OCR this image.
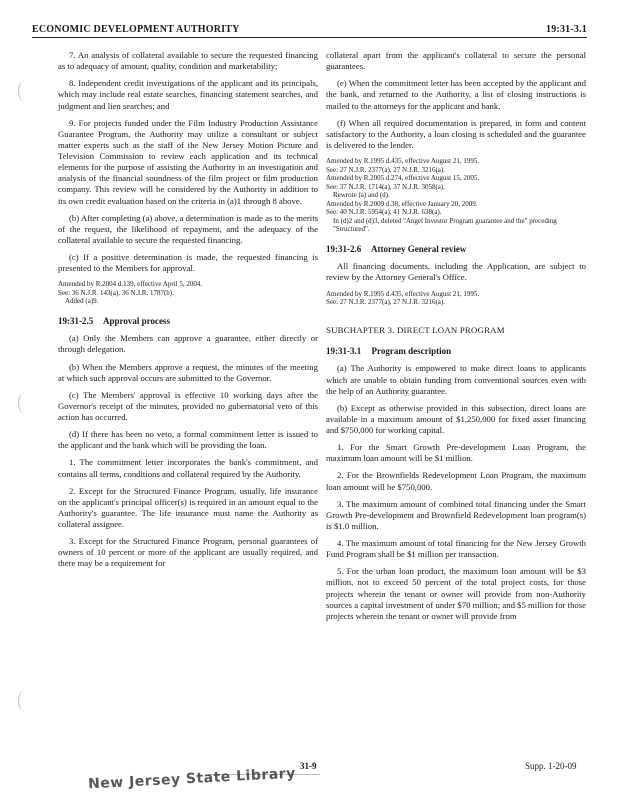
ECONOMIC DEVELOPMENT AUTHORITY	19:31-3.1

7. An analysis of collateral available to secure the requested financing as to adequacy of amount, quality, condition and marketability;

8. Independent credit investigations of the applicant and its principals, which may include real estate searches, financing statement searches, and judgment and lien searches; and

9. For projects funded under the Film Industry Production Assistance Guarantee Program, the Authority may utilize a consultant or subject matter experts such as the staff of the New Jersey Motion Picture and Television Commission to review each application and its technical elements for the purpose of assisting the Authority in an investigation and analysis of the financial soundness of the film project or film production company. This review will be considered by the Authority in addition to its own credit evaluation based on the criteria in (a)1 through 8 above.

(b) After completing (a) above, a determination is made as to the merits of the request, the likelihood of repayment, and the adequacy of the collateral available to secure the requested financing.

(c) If a positive determination is made, the requested financing is presented to the Members for approval.

Amended by R.2004 d.139, effective April 5, 2004.
See: 36 N.J.R. 143(a), 36 N.J.R. 1787(b).
Added (a)9.
19:31-2.5 Approval process

(a) Only the Members can approve a guarantee, either directly or through delegation.

(b) When the Members approve a request, the minutes of the meeting at which such approval occurs are submitted to the Governor.

(c) The Members' approval is effective 10 working days after the Governor's receipt of the minutes, provided no gubernatorial veto of this action has occurred.

(d) If there has been no veto, a formal commitment letter is issued to the applicant and the bank which will be providing the loan.

1. The commitment letter incorporates the bank's commitment, and contains all terms, conditions and collateral required by the Authority.

2. Except for the Structured Finance Program, usually, life insurance on the applicant's principal officer(s) is required in an amount equal to the Authority's guarantee. The life insurance must name the Authority as collateral assignee.

3. Except for the Structured Finance Program, personal guarantees of owners of 10 percent or more of the applicant are usually required, and there may be a requirement for

collateral apart from the applicant's collateral to secure the personal guarantees.

(e) When the commitment letter has been accepted by the applicant and the bank, and returned to the Authority, a list of closing instructions is mailed to the attorneys for the applicant and bank.

(f) When all required documentation is prepared, in form and content satisfactory to the Authority, a loan closing is scheduled and the guarantee is delivered to the lender.

Amended by R.1995 d.435, effective August 21, 1995.
See: 27 N.J.R. 2377(a), 27 N.J.R. 3216(a).
Amended by R.2005 d.274, effective August 15, 2005.
See: 37 N.J.R. 1714(a), 37 N.J.R. 3058(a).
Rewrote (a) and (d).
Amended by R.2009 d.38, effective January 20, 2009.
See: 40 N.J.R. 5954(a), 41 N.J.R. 638(a).
In (d)2 and (d)3, deleted "Angel Investor Program guarantee and the" preceding "Structured".
19:31-2.6 Attorney General review

All financing documents, including the Application, are subject to review by the Attorney General's Office.

Amended by R.1995 d.435, effective August 21, 1995.
See: 27 N.J.R. 2377(a), 27 N.J.R. 3216(a).
SUBCHAPTER 3. DIRECT LOAN PROGRAM
19:31-3.1 Program description

(a) The Authority is empowered to make direct loans to applicants which are unable to obtain funding from conventional sources even with the help of an Authority guarantee.

(b) Except as otherwise provided in this subsection, direct loans are available in a maximum amount of $1,250,000 for fixed asset financing and $750,000 for working capital.

1. For the Smart Growth Pre-development Loan Program, the maximum loan amount will be $1 million.

2. For the Brownfields Redevelopment Loan Program, the maximum loan amount will be $750,000.

3. The maximum amount of combined total financing under the Smart Growth Pre-development and Brownfield Redevelopment loan program(s) is $1.0 million.

4. The maximum amount of total financing for the New Jersey Growth Fund Program shall be $1 million per transaction.

5. For the urban loan product, the maximum loan amount will be $3 million, not to exceed 50 percent of the total project costs, for those projects wherein the tenant or owner will provide from non-Authority sources a capital investment of under $70 million; and $5 million for those projects wherein the tenant or owner will provide from

31-9	Supp. 1-20-09
New Jersey State Library
